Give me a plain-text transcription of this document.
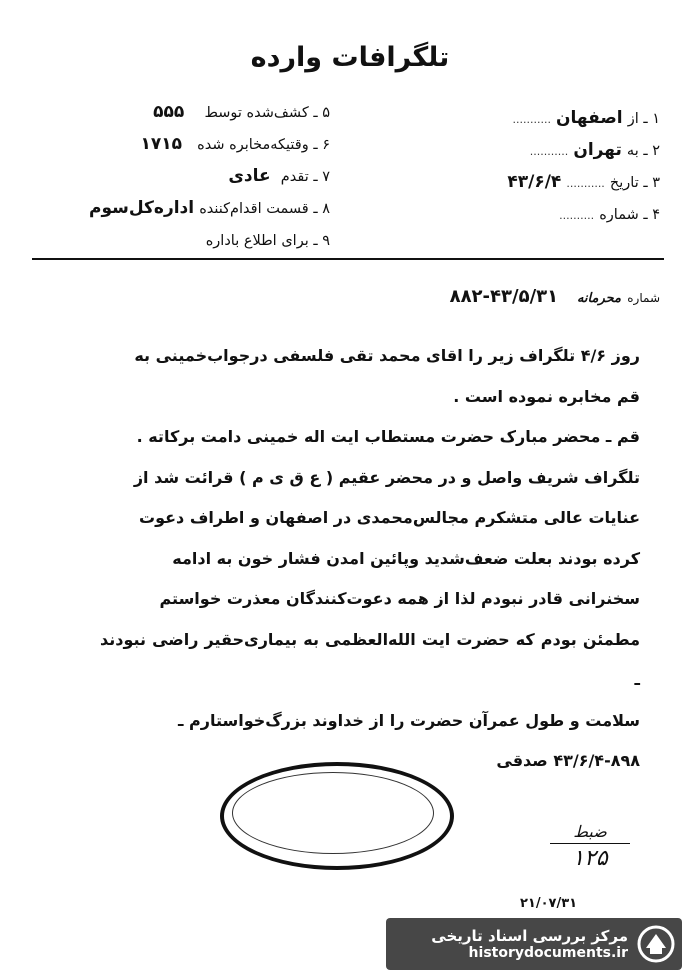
تلگرافات وارده
۱ ـ از اصفهان ...........
۲ ـ به تهران ...........
۳ ـ تاریخ ........... ۴۳/۶/۴
۴ ـ شماره ..........
۵ ـ کشف‌شده توسط    ۵۵۵
۶ ـ وقتیکه‌مخابره شده   ۱۷۱۵
۷ ـ تقدم  عادی
۸ ـ قسمت اقدام‌کننده اداره‌کل‌سوم
۹ ـ برای اطلاع باداره
شماره محرمانه   ۴۳/۵/۳۱-۸۸۲

روز ۴/۶ تلگراف زیر را اقای محمد تقی فلسفی درجواب‌خمینی به

قم مخابره نموده است .

قم ـ محضر مبارک حضرت مستطاب ایت اله خمینی دامت برکاته .

تلگراف شریف واصل و در محضر عقیم ( ع ق ی م ) قرائت شد از

عنایات عالی متشکرم مجالس‌محمدی در اصفهان و اطراف دعوت

کرده بودند بعلت ضعف‌شدید وپائین امدن فشار خون به ادامه

سخنرانی قادر نبودم لذا از همه دعوت‌کنندگان معذرت خواستم

مطمئن بودم که حضرت ایت الله‌العظمی به بیماری‌حقیر راضی نبودند ـ

سلامت و طول عمرآن حضرت را از خداوند بزرگ‌خواستارم ـ

۴۳/۶/۴-۸۹۸ صدقی

ضبط
۱۲۵
۲۱/۰۷/۳۱
مرکز بررسی اسناد تاریخی
historydocuments.ir
